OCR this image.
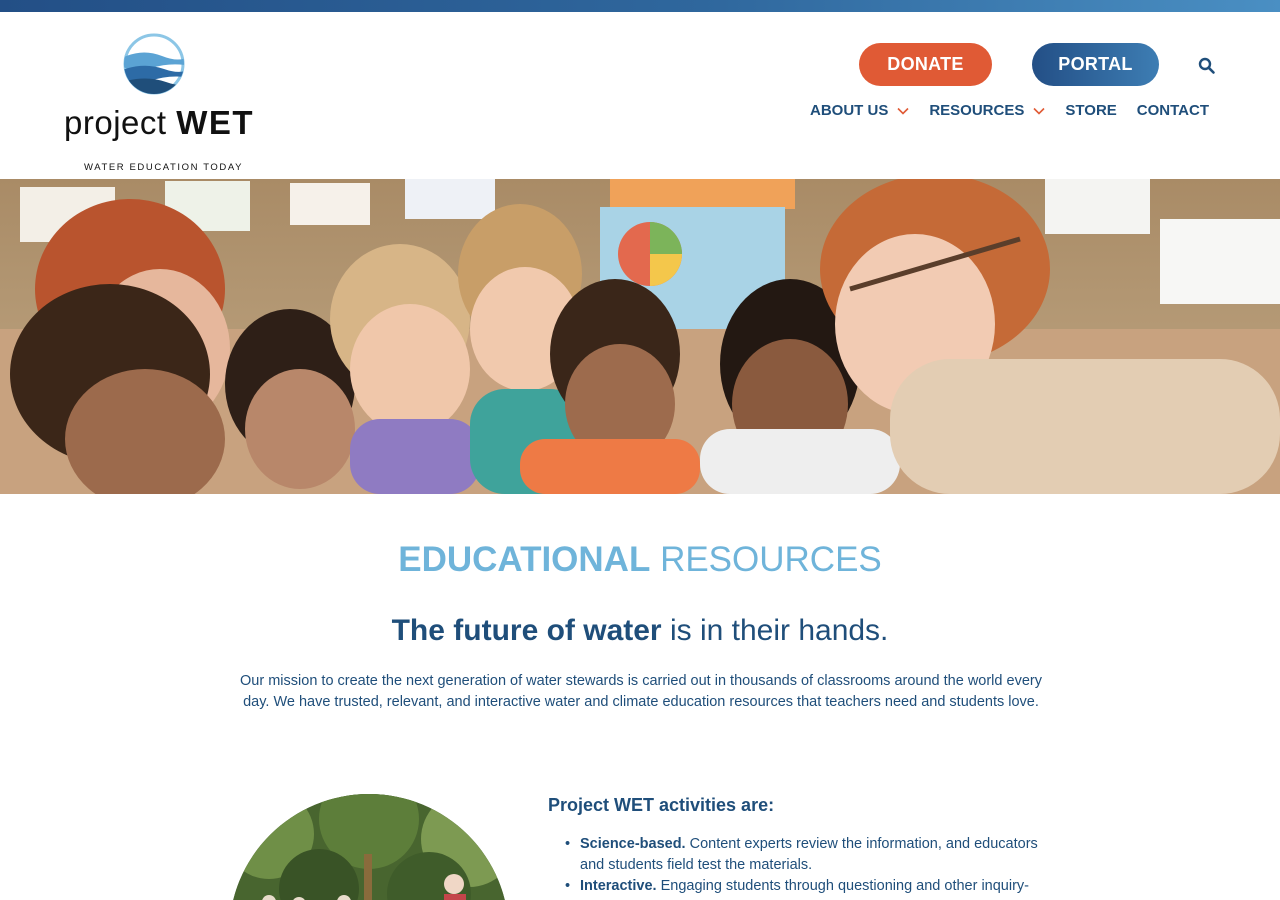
project WET
WATER EDUCATION TODAY
DONATE	PORTAL
ABOUT US	RESOURCES	STORE CONTACT
EDUCATIONAL RESOURCES
The future of water is in their hands.

Our mission to create the next generation of water stewards is carried out in thousands of classrooms around the world every day. We have trusted, relevant, and interactive water and climate education resources that teachers need and students love.

Project WET activities are:
• Science-based. Content experts review the information, and educators and students field test the materials.
• Interactive. Engaging students through questioning and other inquiry-
